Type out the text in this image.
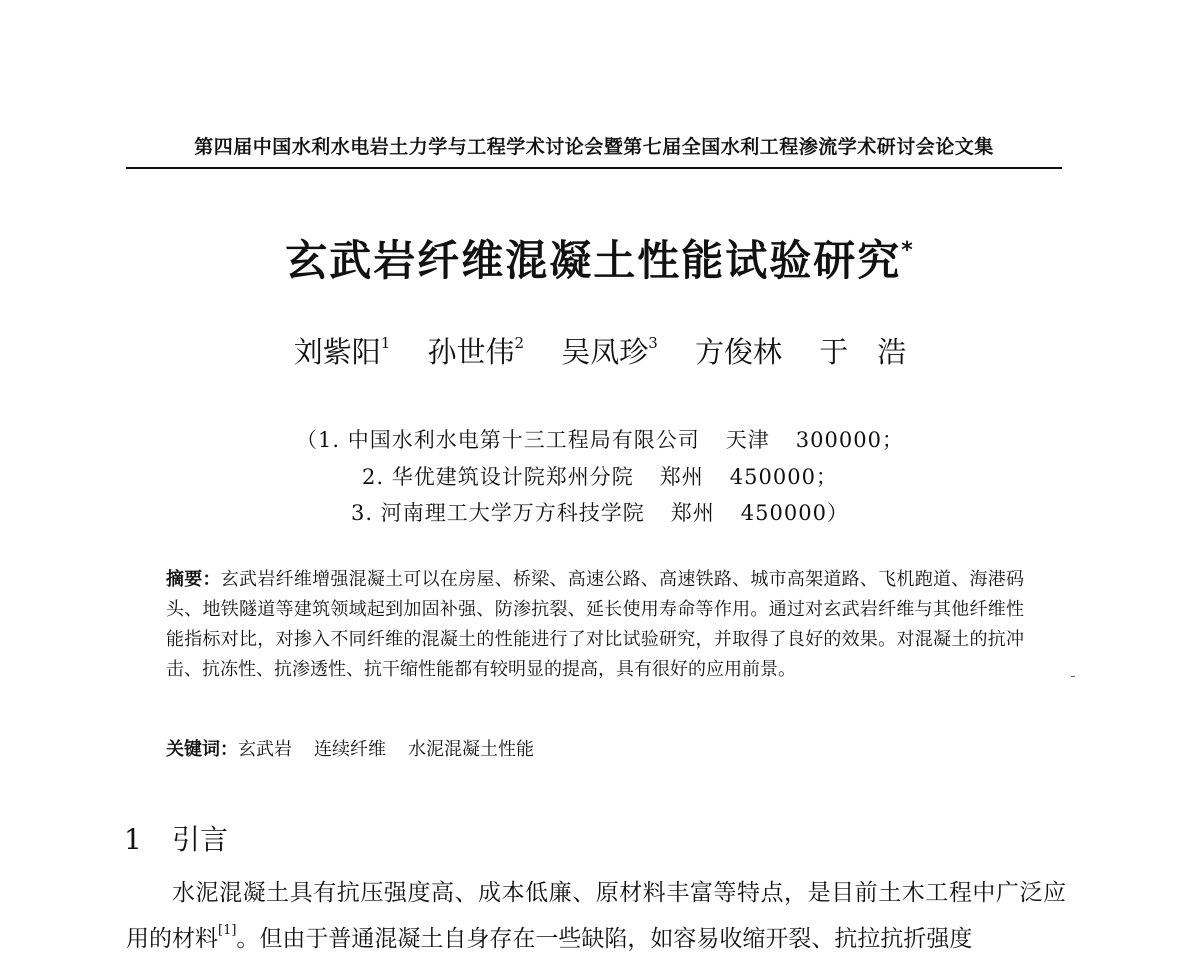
第四届中国水利水电岩土力学与工程学术讨论会暨第七届全国水利工程渗流学术研讨会论文集
玄武岩纤维混凝土性能试验研究*
刘紫阳$^1$ 孙世伟$^2$ 吴凤珍$^3$ 方俊林 于　浩
（1. 中国水利水电第十三工程局有限公司 天津 300000；
2. 华优建筑设计院郑州分院 郑州 450000；
3. 河南理工大学万方科技学院 郑州 450000）
摘要：玄武岩纤维增强混凝土可以在房屋、桥梁、高速公路、高速铁路、城市高架道路、飞机跑道、海港码头、地铁隧道等建筑领域起到加固补强、防渗抗裂、延长使用寿命等作用。通过对玄武岩纤维与其他纤维性能指标对比，对掺入不同纤维的混凝土的性能进行了对比试验研究，并取得了良好的效果。对混凝土的抗冲击、抗冻性、抗渗透性、抗干缩性能都有较明显的提高，具有很好的应用前景。
关键词：玄武岩 连续纤维 水泥混凝土性能
1 引言
水泥混凝土具有抗压强度高、成本低廉、原材料丰富等特点，是目前土木工程中广泛应用的材料[1]。但由于普通混凝土自身存在一些缺陷，如容易收缩开裂、抗拉抗折强度
